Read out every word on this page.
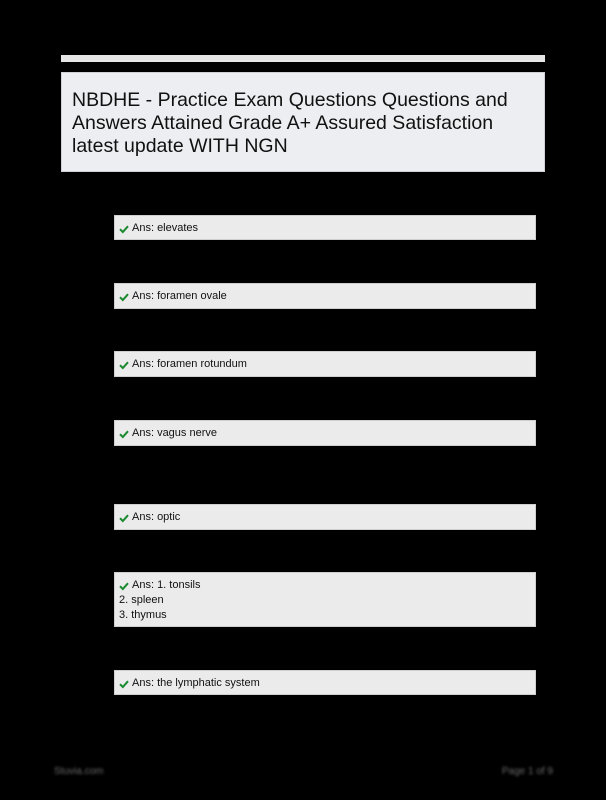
NBDHE - Practice Exam Questions Questions and Answers Attained Grade A+ Assured Satisfaction latest update WITH NGN
Ans: elevates
Ans: foramen ovale
Ans: foramen rotundum
Ans: vagus nerve
Ans: optic
Ans: 1. tonsils
2. spleen
3. thymus
Ans: the lymphatic system
Stuvia.com	Page 1 of 9
